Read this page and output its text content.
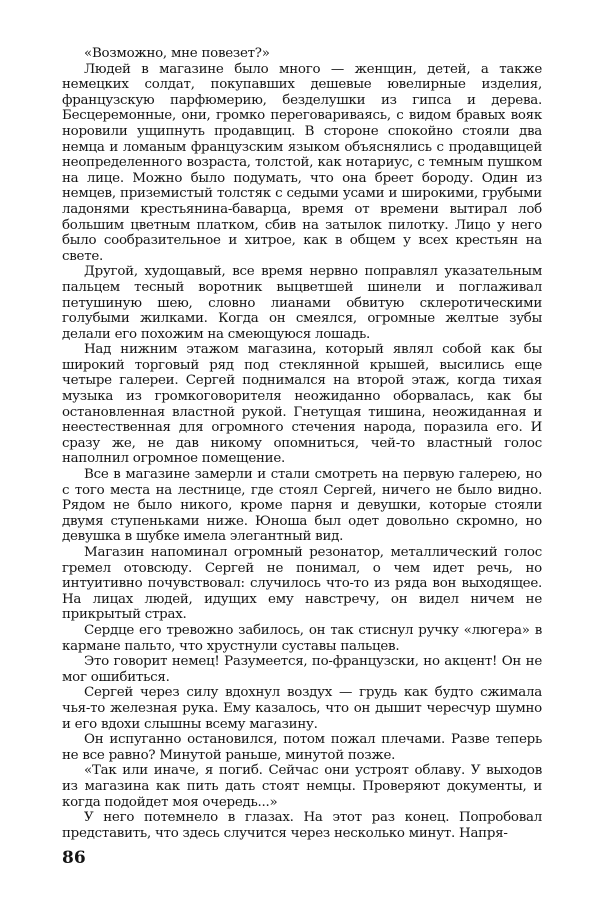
«Возможно, мне повезет?»

Людей в магазине было много — женщин, детей, а также немецких солдат, покупавших дешевые ювелирные изделия, французскую парфюмерию, безделушки из гипса и дерева. Бесцеремонные, они, громко переговариваясь, с видом бравых вояк норовили ущипнуть продавщиц. В стороне спокойно стояли два немца и ломаным французским языком объяснялись с продавщицей неопределенного возраста, толстой, как нотариус, с темным пушком на лице. Можно было подумать, что она бреет бороду. Один из немцев, приземистый толстяк с седыми усами и широкими, грубыми ладонями крестьянина-баварца, время от времени вытирал лоб большим цветным платком, сбив на затылок пилотку. Лицо у него было сообразительное и хитрое, как в общем у всех крестьян на свете.

Другой, худощавый, все время нервно поправлял указательным пальцем тесный воротник выцветшей шинели и поглаживал петушиную шею, словно лианами обвитую склеротическими голубыми жилками. Когда он смеялся, огромные желтые зубы делали его похожим на смеющуюся лошадь.

Над нижним этажом магазина, который являл собой как бы широкий торговый ряд под стеклянной крышей, высились еще четыре галереи. Сергей поднимался на второй этаж, когда тихая музыка из громкоговорителя неожиданно оборвалась, как бы остановленная властной рукой. Гнетущая тишина, неожиданная и неестественная для огромного стечения народа, поразила его. И сразу же, не дав никому опомниться, чей-то властный голос наполнил огромное помещение.

Все в магазине замерли и стали смотреть на первую галерею, но с того места на лестнице, где стоял Сергей, ничего не было видно. Рядом не было никого, кроме парня и девушки, которые стояли двумя ступеньками ниже. Юноша был одет довольно скромно, но девушка в шубке имела элегантный вид.

Магазин напоминал огромный резонатор, металлический голос гремел отовсюду. Сергей не понимал, о чем идет речь, но интуитивно почувствовал: случилось что-то из ряда вон выходящее. На лицах людей, идущих ему навстречу, он видел ничем не прикрытый страх.

Сердце его тревожно забилось, он так стиснул ручку «люгера» в кармане пальто, что хрустнули суставы пальцев.

Это говорит немец! Разумеется, по-французски, но акцент! Он не мог ошибиться.

Сергей через силу вдохнул воздух — грудь как будто сжимала чья-то железная рука. Ему казалось, что он дышит чересчур шумно и его вдохи слышны всему магазину.

Он испуганно остановился, потом пожал плечами. Разве теперь не все равно? Минутой раньше, минутой позже.

«Так или иначе, я погиб. Сейчас они устроят облаву. У выходов из магазина как пить дать стоят немцы. Проверяют документы, и когда подойдет моя очередь...»

У него потемнело в глазах. На этот раз конец. Попробовал представить, что здесь случится через несколько минут. Напря-

86
